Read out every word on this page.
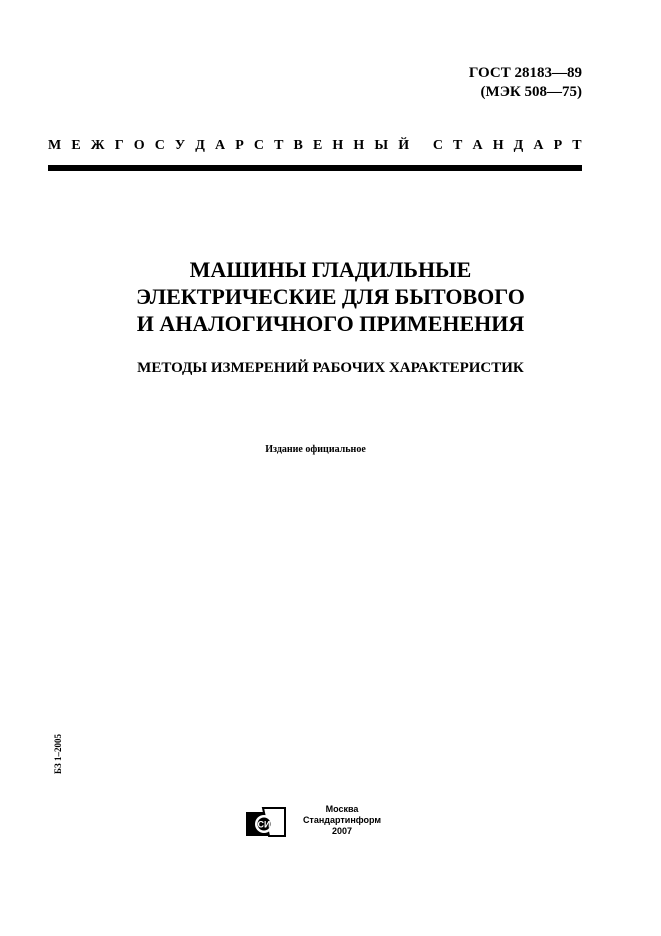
ГОСТ 28183—89
(МЭК 508—75)
М Е Ж Г О С У Д А Р С Т В Е Н Н Ы Й
С Т А Н Д А Р Т
МАШИНЫ ГЛАДИЛЬНЫЕ
ЭЛЕКТРИЧЕСКИЕ ДЛЯ БЫТОВОГО
И АНАЛОГИЧНОГО ПРИМЕНЕНИЯ
МЕТОДЫ ИЗМЕРЕНИЙ РАБОЧИХ ХАРАКТЕРИСТИК
Издание официальное
БЗ 1–2005
СИ
Москва
Стандартинформ
2007
